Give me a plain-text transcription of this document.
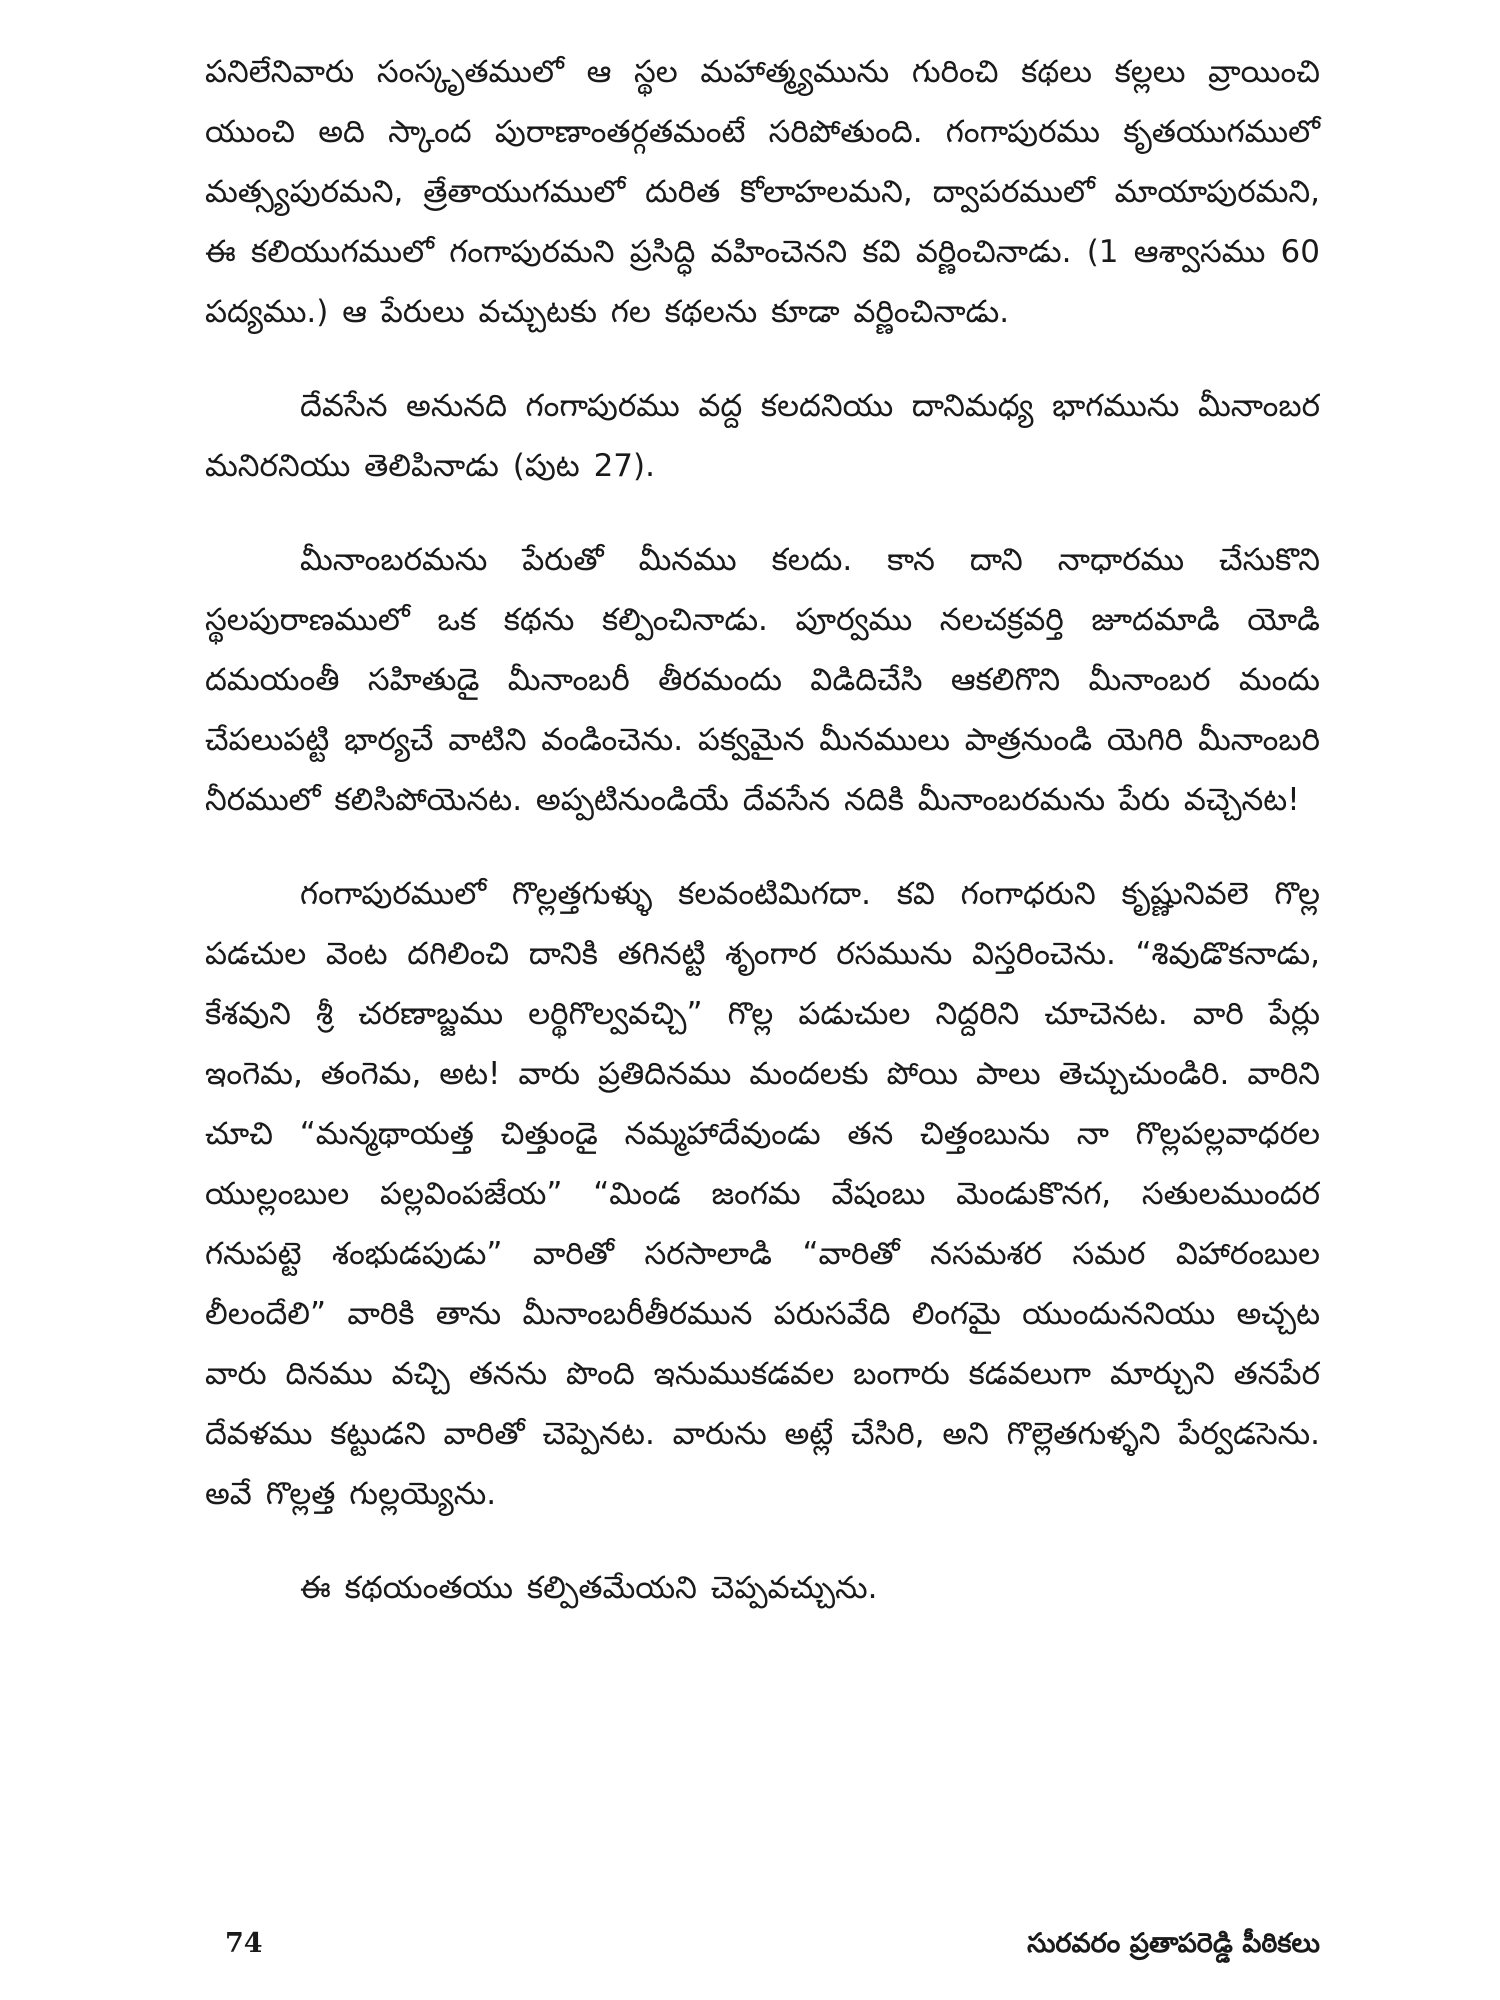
పనిలేనివారు సంస్కృతములో ఆ స్థల మహాత్మ్యమును గురించి కథలు కల్లలు వ్రాయించి యుంచి అది స్కాంద పురాణాంతర్గతమంటే సరిపోతుంది. గంగాపురము కృతయుగములో మత్స్యపురమని, త్రేతాయుగములో దురిత కోలాహలమని, ద్వాపరములో మాయాపురమని, ఈ కలియుగములో గంగాపురమని ప్రసిద్ధి వహించెనని కవి వర్ణించినాడు. (1 ఆశ్వాసము 60 పద్యము.) ఆ పేరులు వచ్చుటకు గల కథలను కూడా వర్ణించినాడు.

దేవసేన అనునది గంగాపురము వద్ద కలదనియు దానిమధ్య భాగమును మీనాంబర మనిరనియు తెలిపినాడు (పుట 27).

మీనాంబరమను పేరుతో మీనము కలదు. కాన దాని నాధారము చేసుకొని స్థలపురాణములో ఒక కథను కల్పించినాడు. పూర్వము నలచక్రవర్తి జూదమాడి యోడి దమయంతీ సహితుడై మీనాంబరీ తీరమందు విడిదిచేసి ఆకలిగొని మీనాంబర మందు చేపలుపట్టి భార్యచే వాటిని వండించెను. పక్వమైన మీనములు పాత్రనుండి యెగిరి మీనాంబరి నీరములో కలిసిపోయెనట. అప్పటినుండియే దేవసేన నదికి మీనాంబరమను పేరు వచ్చెనట!

గంగాపురములో గొల్లత్తగుళ్ళు కలవంటిమిగదా. కవి గంగాధరుని కృష్ణునివలె గొల్ల పడచుల వెంట దగిలించి దానికి తగినట్టి శృంగార రసమును విస్తరించెను. “శివుడొకనాడు, కేశవుని శ్రీ చరణాబ్జము లర్థిగొల్వవచ్చి” గొల్ల పడుచుల నిద్దరిని చూచెనట. వారి పేర్లు ఇంగెమ, తంగెమ, అట! వారు ప్రతిదినము మందలకు పోయి పాలు తెచ్చుచుండిరి. వారిని చూచి “మన్మథాయత్త చిత్తుండై నమ్మహాదేవుండు తన చిత్తంబును నా గొల్లపల్లవాధరల యుల్లంబుల పల్లవింపజేయ” “మిండ జంగమ వేషంబు మెండుకొనగ, సతులముందర గనుపట్టె శంభుడపుడు” వారితో సరసాలాడి “వారితో నసమశర సమర విహారంబుల లీలందేలి” వారికి తాను మీనాంబరీతీరమున పరుసవేది లింగమై యుందుననియు అచ్చట వారు దినము వచ్చి తనను పొంది ఇనుముకడవల బంగారు కడవలుగా మార్చుని తనపేర దేవళము కట్టుడని వారితో చెప్పెనట. వారును అట్లే చేసిరి, అని గొల్లెతగుళ్ళని పేర్వడసెను. అవే గొల్లత్త గుల్లయ్యెను.

ఈ కథయంతయు కల్పితమేయని చెప్పవచ్చును.

74	సురవరం ప్రతాపరెడ్డి పీఠికలు
